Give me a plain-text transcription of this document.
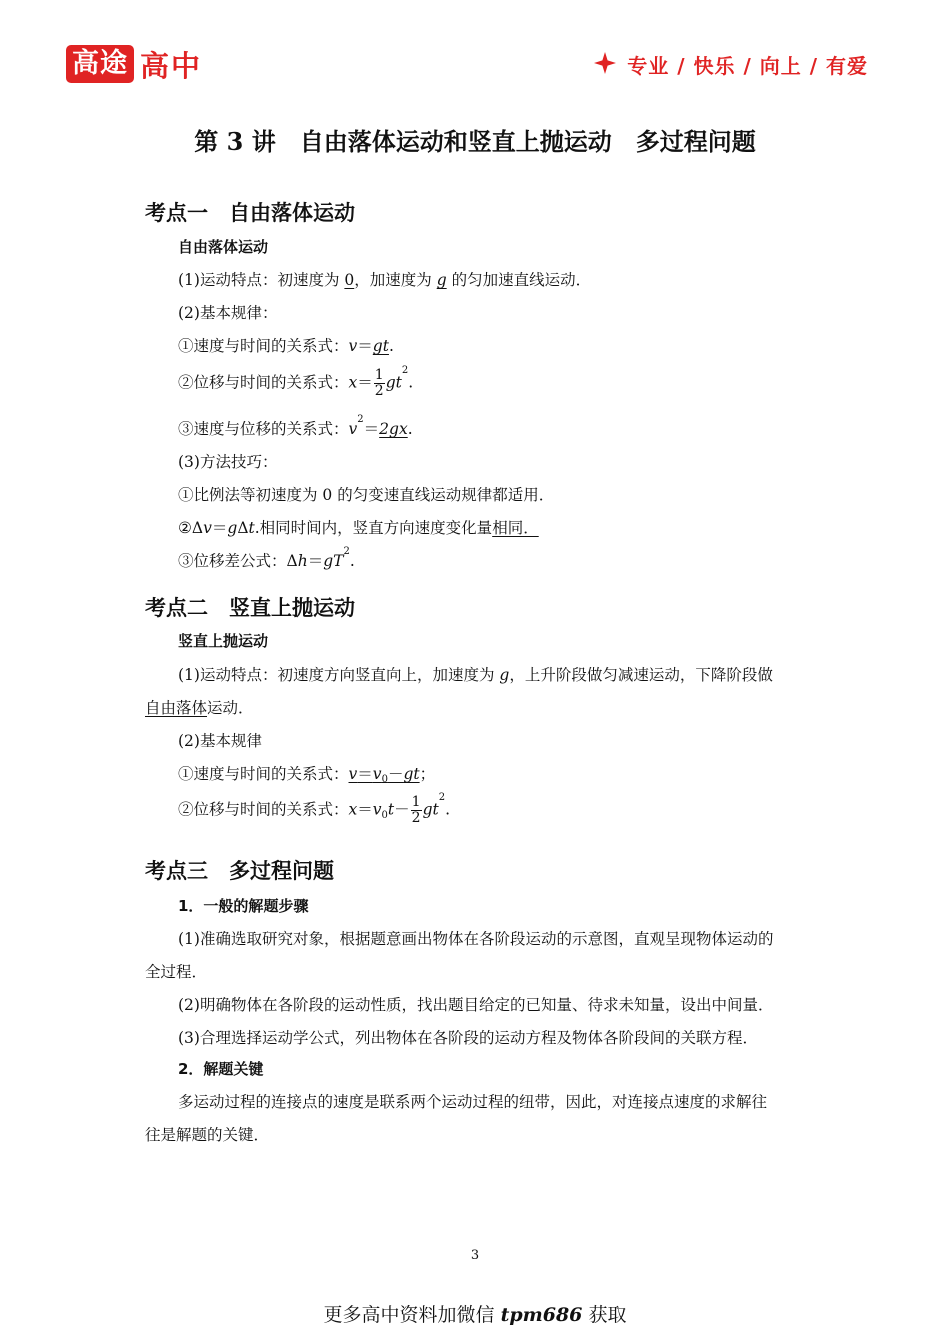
高途 高中	专业 / 快乐 / 向上 / 有爱
第 3 讲　自由落体运动和竖直上抛运动　多过程问题
考点一　自由落体运动
自由落体运动
(1)运动特点：初速度为 0，加速度为 g 的匀加速直线运动．
(2)基本规律：
①速度与时间的关系式：v＝gt.
②位移与时间的关系式：$x= \frac{1}{2} gt^2$.
③速度与位移的关系式：$v^2=2gx$.
(3)方法技巧：
①比例法等初速度为 0 的匀变速直线运动规律都适用．
②Δv＝gΔt.相同时间内，竖直方向速度变化量相同．
③位移差公式：$\Delta h=gT^2$.
考点二　竖直上抛运动
竖直上抛运动
(1)运动特点：初速度方向竖直向上，加速度为 g，上升阶段做匀减速运动，下降阶段做
自由落体运动．
(2)基本规律
①速度与时间的关系式：$v=v_0-gt$；
②位移与时间的关系式：$x=v_0t- \frac{1}{2} gt^2$.
考点三　多过程问题
1．一般的解题步骤
(1)准确选取研究对象，根据题意画出物体在各阶段运动的示意图，直观呈现物体运动的
全过程．
(2)明确物体在各阶段的运动性质，找出题目给定的已知量、待求未知量，设出中间量．
(3)合理选择运动学公式，列出物体在各阶段的运动方程及物体各阶段间的关联方程．
2．解题关键
多运动过程的连接点的速度是联系两个运动过程的纽带，因此，对连接点速度的求解往
往是解题的关键．
3
更多高中资料加微信 tpm686 获取
